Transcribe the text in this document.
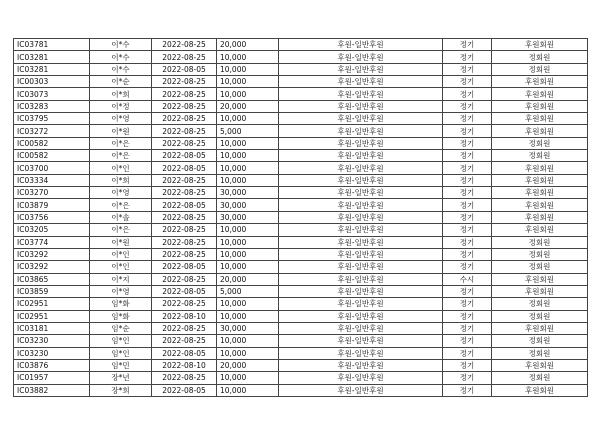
IC03781	이*수	2022-08-25	20,000	후원-일반후원	정기	후원회원
IC03281	이*수	2022-08-25	10,000	후원-일반후원	정기	정회원
IC03281	이*수	2022-08-05	10,000	후원-일반후원	정기	정회원
IC00303	이*순	2022-08-25	10,000	후원-일반후원	정기	후원회원
IC03073	이*희	2022-08-25	10,000	후원-일반후원	정기	후원회원
IC03283	이*정	2022-08-25	20,000	후원-일반후원	정기	후원회원
IC03795	이*영	2022-08-25	10,000	후원-일반후원	정기	후원회원
IC03272	이*원	2022-08-25	5,000	후원-일반후원	정기	후원회원
IC00582	이*은	2022-08-25	10,000	후원-일반후원	정기	정회원
IC00582	이*은	2022-08-05	10,000	후원-일반후원	정기	정회원
IC03700	이*인	2022-08-05	10,000	후원-일반후원	정기	후원회원
IC03334	이*희	2022-08-25	10,000	후원-일반후원	정기	후원회원
IC03270	이*영	2022-08-25	30,000	후원-일반후원	정기	후원회원
IC03879	이*은	2022-08-05	30,000	후원-일반후원	정기	후원회원
IC03756	이*솔	2022-08-25	30,000	후원-일반후원	정기	후원회원
IC03205	이*은	2022-08-25	10,000	후원-일반후원	정기	후원회원
IC03774	이*원	2022-08-25	10,000	후원-일반후원	정기	정회원
IC03292	이*인	2022-08-25	10,000	후원-일반후원	정기	정회원
IC03292	이*인	2022-08-05	10,000	후원-일반후원	정기	정회원
IC03865	이*지	2022-08-25	20,000	후원-일반후원	수시	후원회원
IC03859	이*영	2022-08-05	5,000	후원-일반후원	정기	후원회원
IC02951	임*화	2022-08-25	10,000	후원-일반후원	정기	정회원
IC02951	임*화	2022-08-10	10,000	후원-일반후원	정기	정회원
IC03181	임*순	2022-08-25	30,000	후원-일반후원	정기	후원회원
IC03230	임*인	2022-08-25	10,000	후원-일반후원	정기	정회원
IC03230	임*인	2022-08-05	10,000	후원-일반후원	정기	정회원
IC03876	임*민	2022-08-10	20,000	후원-일반후원	정기	후원회원
IC01957	장*년	2022-08-25	10,000	후원-일반후원	정기	정회원
IC03882	장*희	2022-08-05	10,000	후원-일반후원	정기	후원회원
